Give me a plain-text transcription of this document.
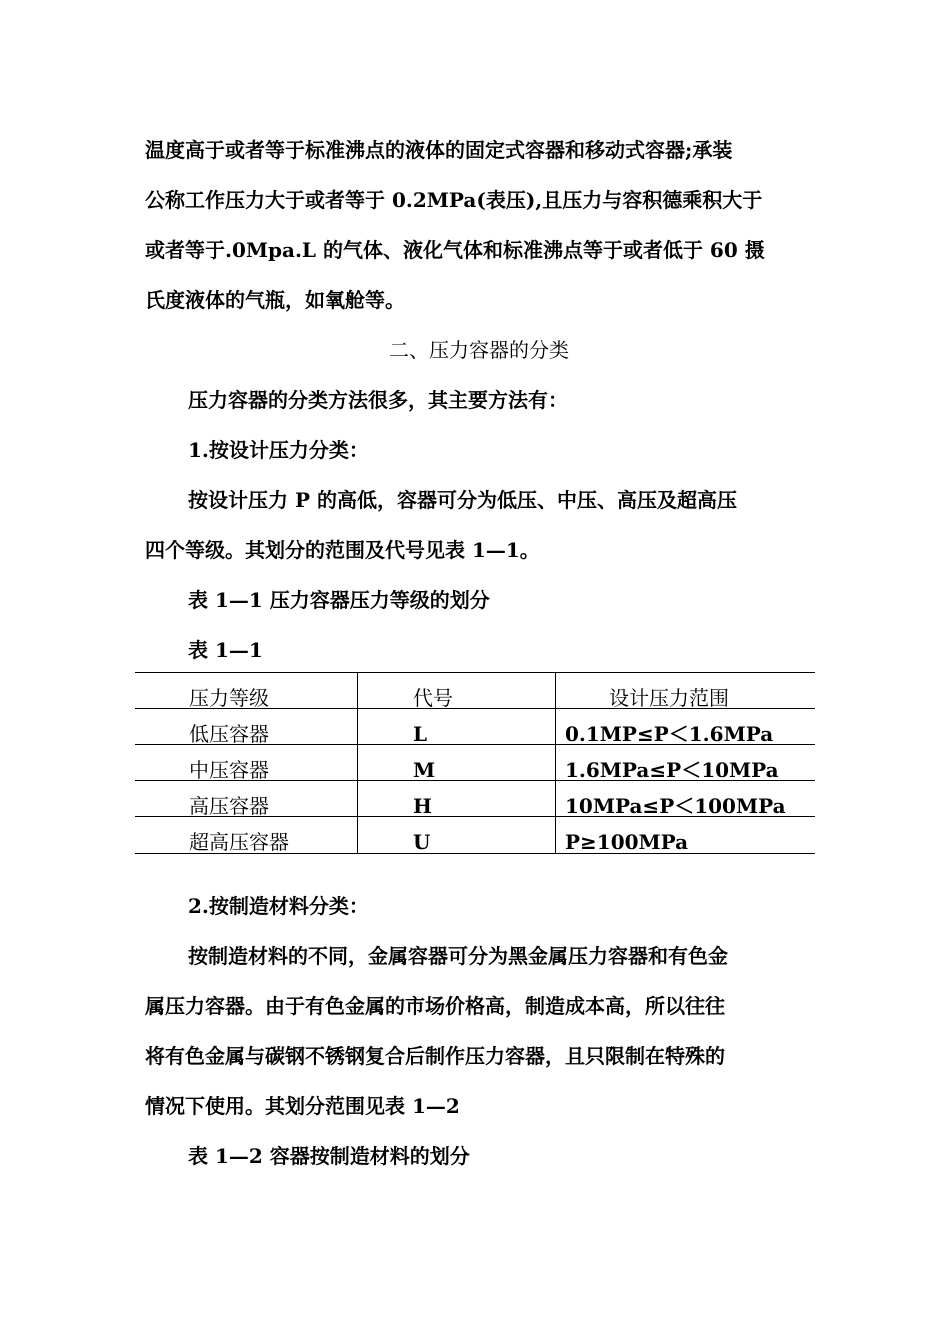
温度高于或者等于标准沸点的液体的固定式容器和移动式容器;承装
公称工作压力大于或者等于 0.2MPa(表压),且压力与容积德乘积大于
或者等于.0Mpa.L 的气体、液化气体和标准沸点等于或者低于 60 摄
氏度液体的气瓶，如氧舱等。
二、压力容器的分类
压力容器的分类方法很多，其主要方法有：
1.按设计压力分类：
按设计压力 P 的高低，容器可分为低压、中压、高压及超高压
四个等级。其划分的范围及代号见表 1—1。
表 1—1 压力容器压力等级的划分
表 1—1
压力等级	代号	设计压力范围
低压容器	L	0.1MP≤P＜1.6MPa
中压容器	M	1.6MPa≤P＜10MPa
高压容器	H	10MPa≤P＜100MPa
超高压容器	U	P≥100MPa
2.按制造材料分类：
按制造材料的不同，金属容器可分为黑金属压力容器和有色金
属压力容器。由于有色金属的市场价格高，制造成本高，所以往往
将有色金属与碳钢不锈钢复合后制作压力容器，且只限制在特殊的
情况下使用。其划分范围见表 1—2
表 1—2 容器按制造材料的划分
